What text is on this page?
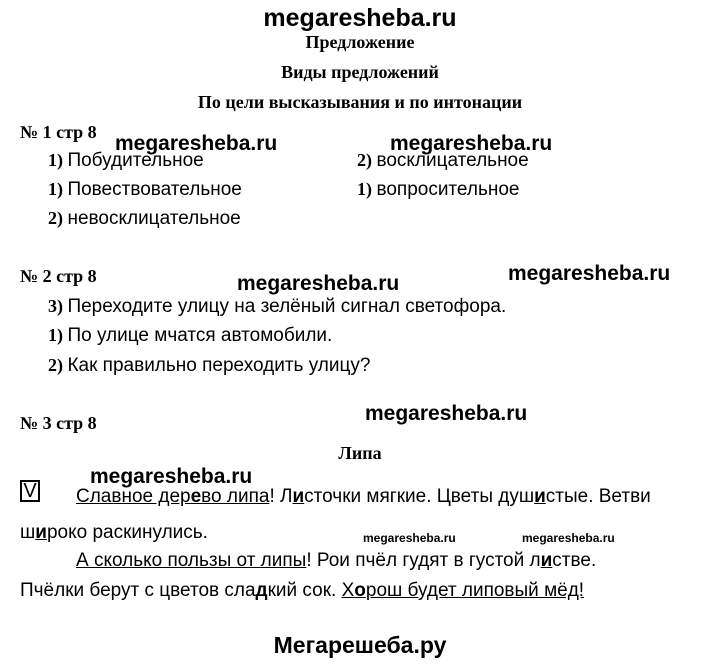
megaresheba.ru
Предложение
Виды предложений
По цели высказывания и по интонации
№ 1 стр 8 megaresheba.ru	megaresheba.ru
1) Побудительное	2) восклицательное
1) Повествовательное	1) вопросительное
2) невосклицательное
№ 2 стр 8	megaresheba.ru	megaresheba.ru
3) Переходите улицу на зелёный сигнал светофора.
1) По улице мчатся автомобили.
2) Как правильно переходить улицу?
megaresheba.ru
№ 3 стр 8
Липа
megaresheba.ru
V Славное дерево липа! Листочки мягкие. Цветы душистые. Ветви
широко раскинулись.	megaresheba.ru	megaresheba.ru
А сколько пользы от липы! Рои пчёл гудят в густой листве.
Пчёлки берут с цветов сладкий сок. Хорош будет липовый мёд!
Мегарешеба.ру
